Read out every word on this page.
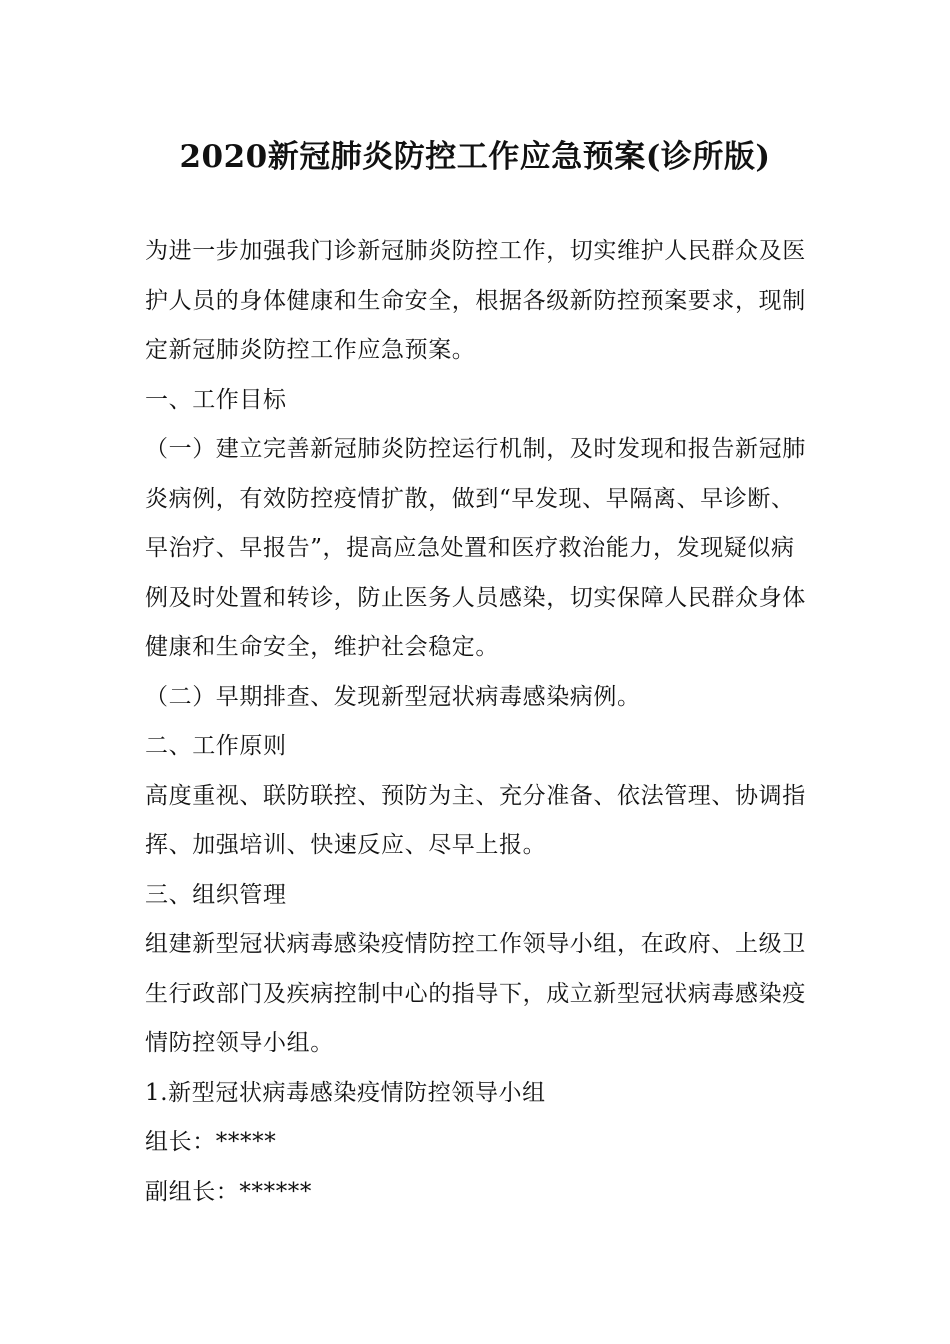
2020新冠肺炎防控工作应急预案(诊所版)

为进一步加强我门诊新冠肺炎防控工作，切实维护人民群众及医护人员的身体健康和生命安全，根据各级新防控预案要求，现制定新冠肺炎防控工作应急预案。

一、工作目标

（一）建立完善新冠肺炎防控运行机制，及时发现和报告新冠肺炎病例，有效防控疫情扩散，做到“早发现、早隔离、早诊断、早治疗、早报告”，提高应急处置和医疗救治能力，发现疑似病例及时处置和转诊，防止医务人员感染，切实保障人民群众身体健康和生命安全，维护社会稳定。

（二）早期排查、发现新型冠状病毒感染病例。

二、工作原则

高度重视、联防联控、预防为主、充分准备、依法管理、协调指挥、加强培训、快速反应、尽早上报。

三、组织管理

组建新型冠状病毒感染疫情防控工作领导小组，在政府、上级卫生行政部门及疾病控制中心的指导下，成立新型冠状病毒感染疫情防控领导小组。

1.新型冠状病毒感染疫情防控领导小组

组长：*****

副组长：******
